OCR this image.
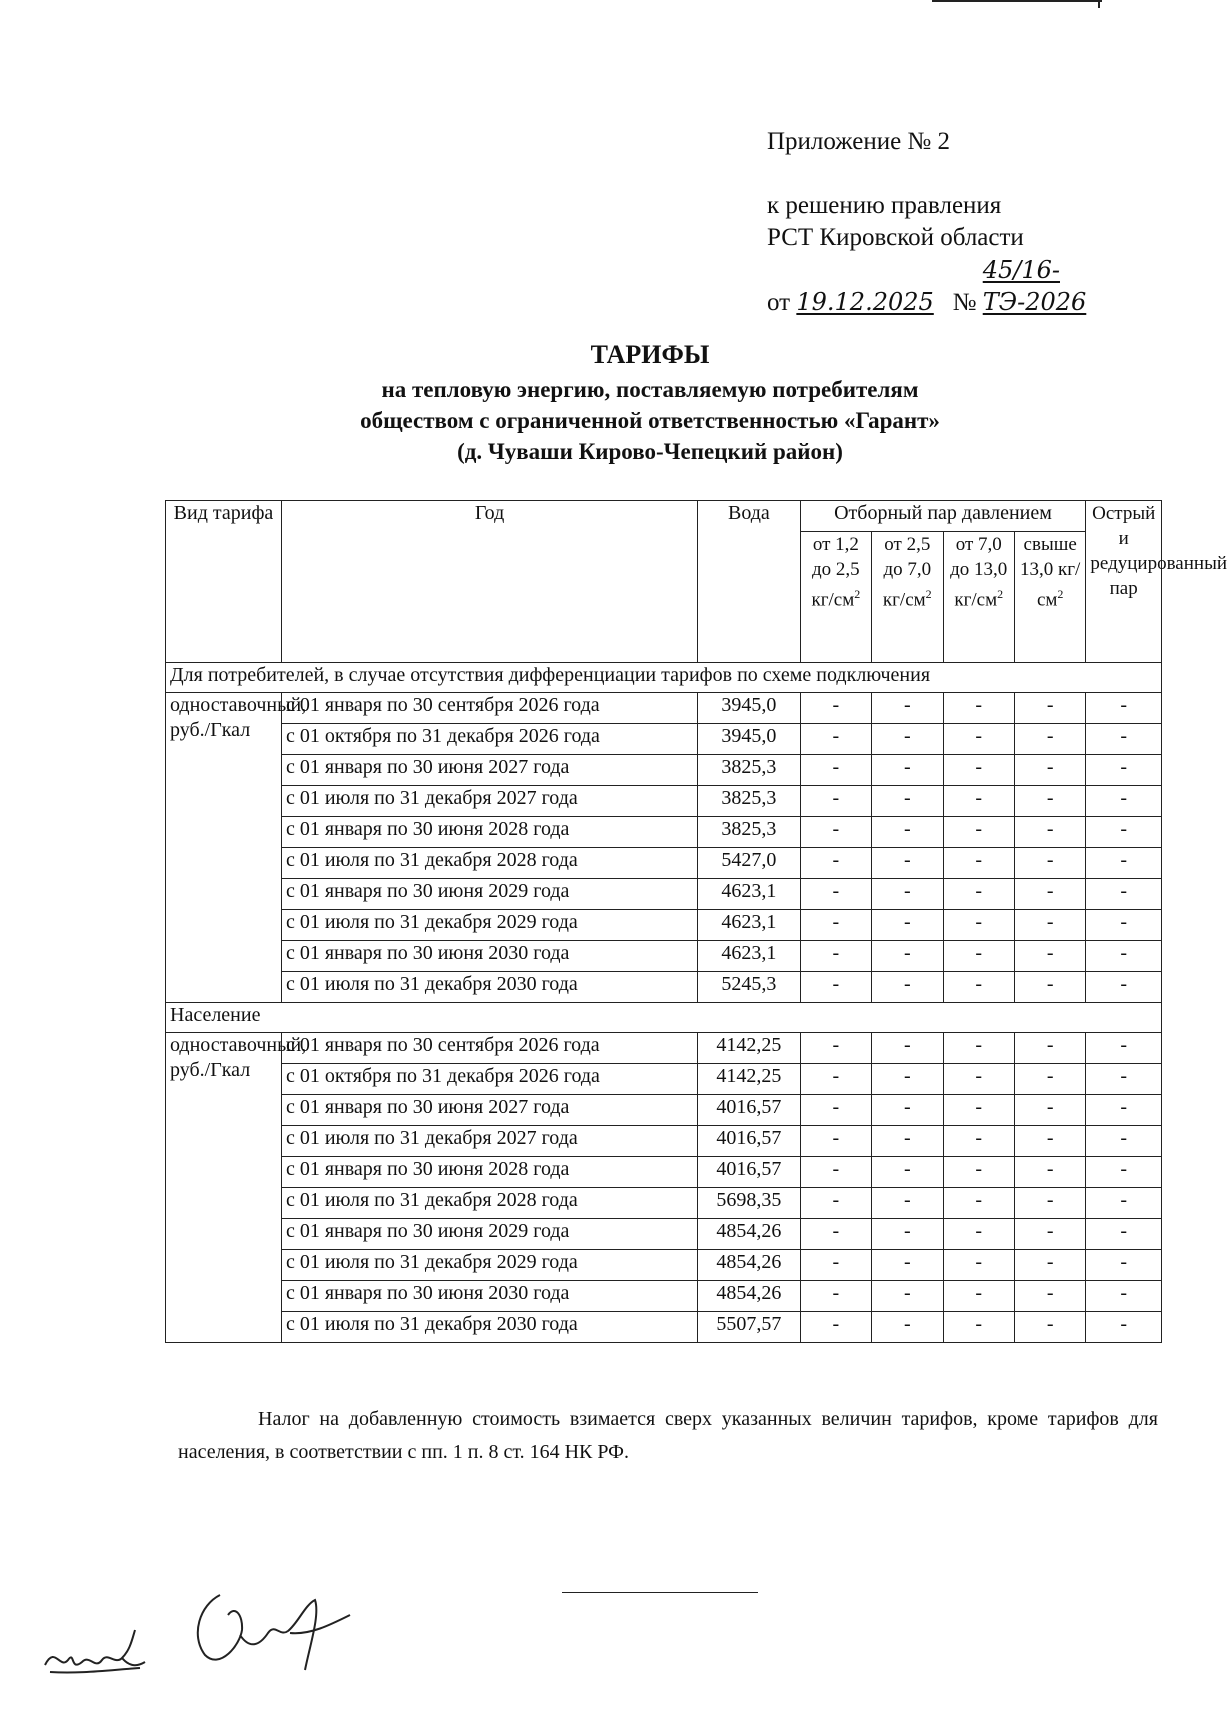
Приложение № 2
к решению правления
РСТ Кировской области
от 19.12.2025 № 45/16-ТЭ-2026
ТАРИФЫ
на тепловую энергию, поставляемую потребителям
обществом с ограниченной ответственностью «Гарант»
(д. Чуваши Кирово-Чепецкий район)
Вид тарифа	Год	Вода	Отборный пар давлением				Острый и редуцированный пар
			от 1,2 до 2,5 $кг/см^2$	от 2,5 до 7,0 $кг/см^2$	от 7,0 до 13,0 $кг/см^2$	свыше 13,0 $кг/см^2$
Для потребителей, в случае отсутствия дифференциации тарифов по схеме подключения							
одноставочный, руб./Гкал	с 01 января по 30 сентября 2026 года	3945,0	-	-	-	-	-
	с 01 октября по 31 декабря 2026 года	3945,0	-	-	-	-	-
	с 01 января по 30 июня 2027 года	3825,3	-	-	-	-	-
	с 01 июля по 31 декабря 2027 года	3825,3	-	-	-	-	-
	с 01 января по 30 июня 2028 года	3825,3	-	-	-	-	-
	с 01 июля по 31 декабря 2028 года	5427,0	-	-	-	-	-
	с 01 января по 30 июня 2029 года	4623,1	-	-	-	-	-
	с 01 июля по 31 декабря 2029 года	4623,1	-	-	-	-	-
	с 01 января по 30 июня 2030 года	4623,1	-	-	-	-	-
	с 01 июля по 31 декабря 2030 года	5245,3	-	-	-	-	-
Население							
одноставочный, руб./Гкал	с 01 января по 30 сентября 2026 года	4142,25	-	-	-	-	-
	с 01 октября по 31 декабря 2026 года	4142,25	-	-	-	-	-
	с 01 января по 30 июня 2027 года	4016,57	-	-	-	-	-
	с 01 июля по 31 декабря 2027 года	4016,57	-	-	-	-	-
	с 01 января по 30 июня 2028 года	4016,57	-	-	-	-	-
	с 01 июля по 31 декабря 2028 года	5698,35	-	-	-	-	-
	с 01 января по 30 июня 2029 года	4854,26	-	-	-	-	-
	с 01 июля по 31 декабря 2029 года	4854,26	-	-	-	-	-
	с 01 января по 30 июня 2030 года	4854,26	-	-	-	-	-
	с 01 июля по 31 декабря 2030 года	5507,57	-	-	-	-	-
Налог на добавленную стоимость взимается сверх указанных величин тарифов, кроме тарифов для населения, в соответствии с пп. 1 п. 8 ст. 164 НК РФ.
